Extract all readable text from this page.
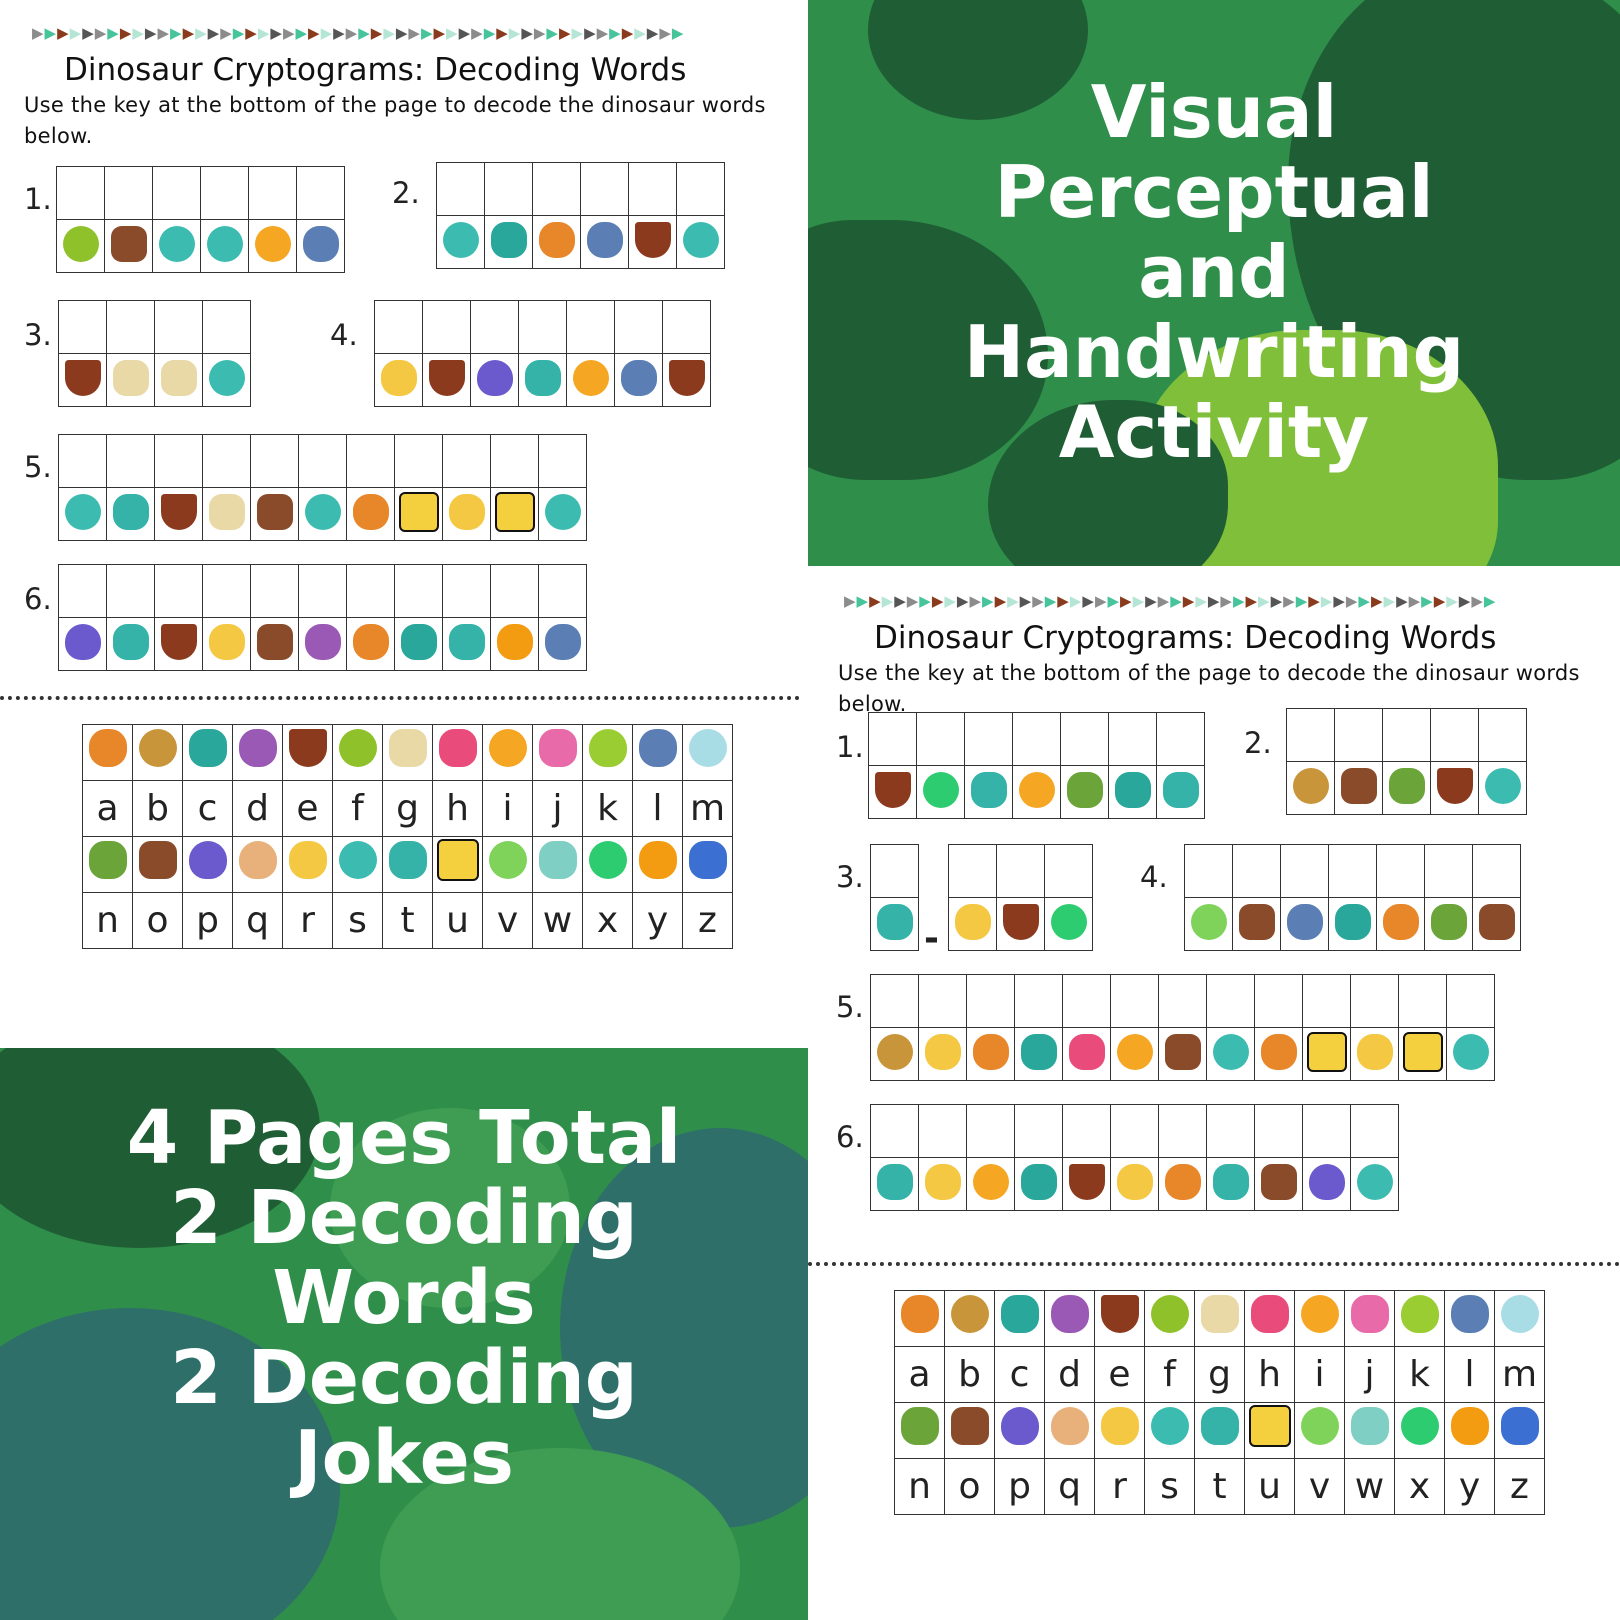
▶▶▶▶▶▶▶▶▶▶▶▶▶▶▶▶▶▶▶▶▶▶▶▶▶▶▶▶▶▶▶▶▶▶▶▶▶▶▶▶▶▶▶▶▶▶▶▶▶▶▶▶
Dinosaur Cryptograms: Decoding Words
Use the key at the bottom of the page to decode the dinosaur words below.
1.

						2.

3.

				4.

5.

6.

a	b	c	d	e	f	g	h	i	j	k	l	m

n	o	p	q	r	s	t	u	v	w	x	y	z
Visual
Perceptual
and
Handwriting
Activity
4 Pages Total
2 Decoding
Words
2 Decoding
Jokes
▶▶▶▶▶▶▶▶▶▶▶▶▶▶▶▶▶▶▶▶▶▶▶▶▶▶▶▶▶▶▶▶▶▶▶▶▶▶▶▶▶▶▶▶▶▶▶▶▶▶▶▶
Dinosaur Cryptograms: Decoding Words
Use the key at the bottom of the page to decode the dinosaur words below.
1.

							2.

3.

-

4.

5.

6.

a	b	c	d	e	f	g	h	i	j	k	l	m

n	o	p	q	r	s	t	u	v	w	x	y	z
